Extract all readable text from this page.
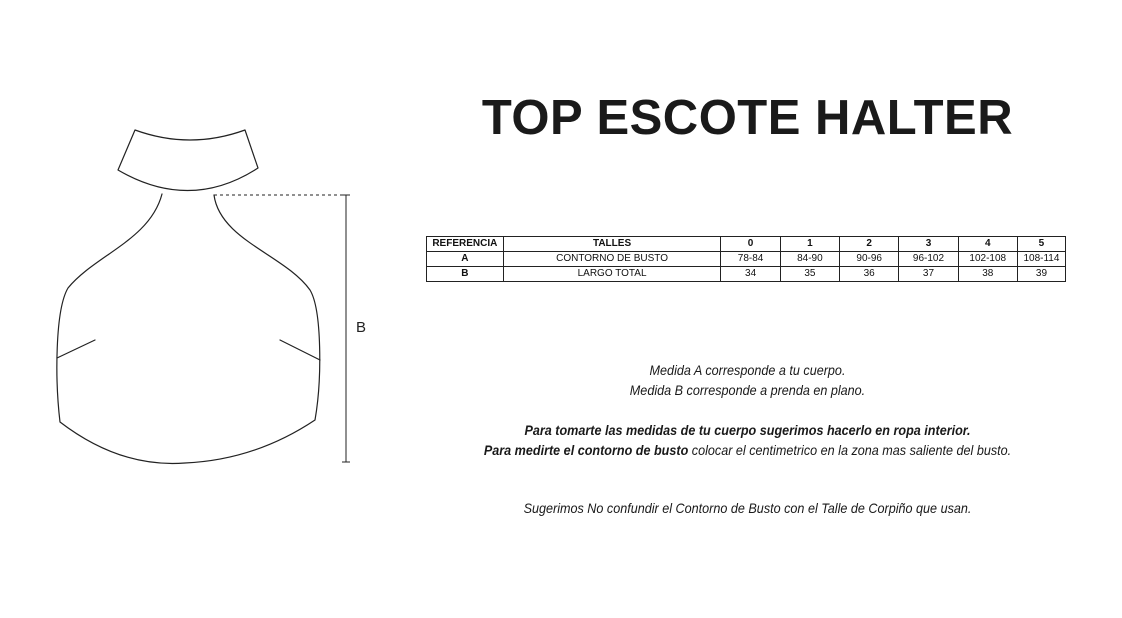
B
TOP ESCOTE HALTER
REFERENCIA	TALLES	0	1	2	3	4	5
A	CONTORNO DE BUSTO	78-84	84-90	90-96	96-102	102-108	108-114
B	LARGO TOTAL	34	35	36	37	38	39

Medida A corresponde a tu cuerpo.

Medida B corresponde a prenda en plano.

Para tomarte las medidas de tu cuerpo sugerimos hacerlo en ropa interior.

Para medirte el contorno de busto colocar el centimetrico en la zona mas saliente del busto.

Sugerimos No confundir el Contorno de Busto con el Talle de Corpiño que usan.
